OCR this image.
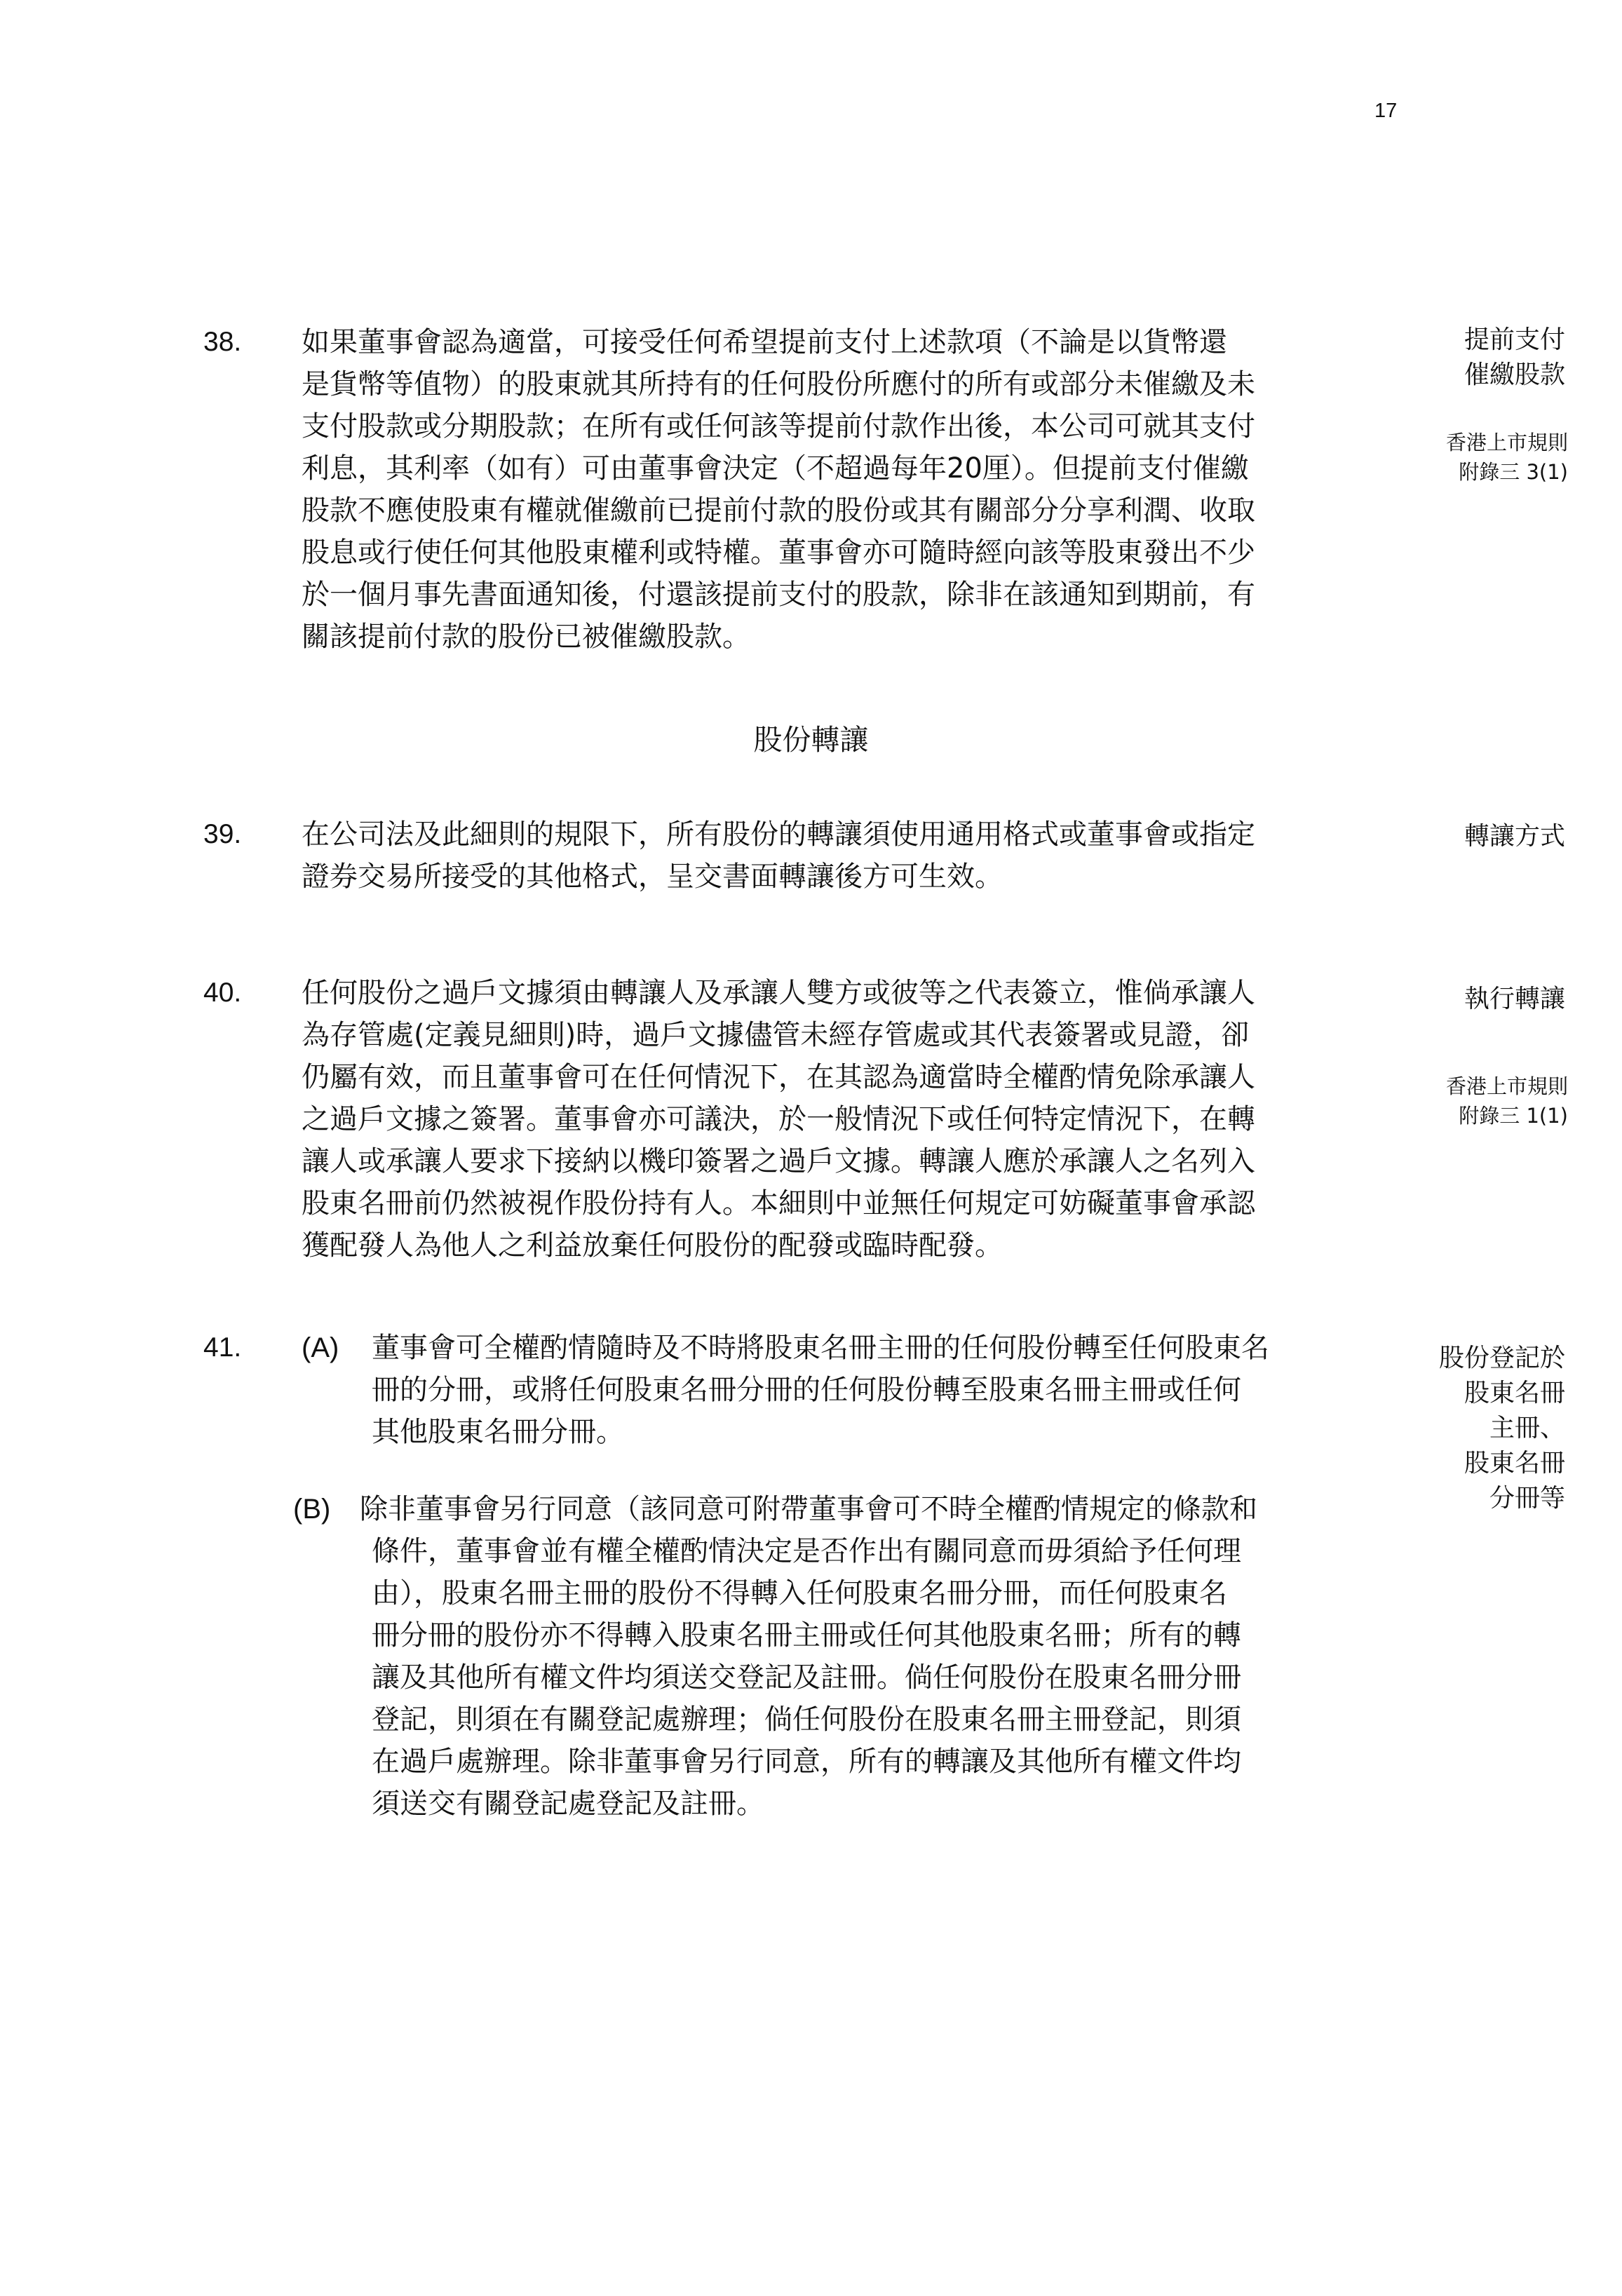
17
38. 如果董事會認為適當，可接受任何希望提前支付上述款項（不論是以貨幣還
是貨幣等值物）的股東就其所持有的任何股份所應付的所有或部分未催繳及未
支付股款或分期股款；在所有或任何該等提前付款作出後，本公司可就其支付
利息，其利率（如有）可由董事會決定（不超過每年20厘）。但提前支付催繳
股款不應使股東有權就催繳前已提前付款的股份或其有關部分分享利潤、收取
股息或行使任何其他股東權利或特權。董事會亦可隨時經向該等股東發出不少
於一個月事先書面通知後，付還該提前支付的股款，除非在該通知到期前，有
關該提前付款的股份已被催繳股款。
提前支付
催繳股款
香港上市規則
附錄三 3(1)
股份轉讓
39. 在公司法及此細則的規限下，所有股份的轉讓須使用通用格式或董事會或指定
證券交易所接受的其他格式，呈交書面轉讓後方可生效。
轉讓方式
40. 任何股份之過戶文據須由轉讓人及承讓人雙方或彼等之代表簽立，惟倘承讓人
為存管處(定義見細則)時，過戶文據儘管未經存管處或其代表簽署或見證，卻
仍屬有效，而且董事會可在任何情況下，在其認為適當時全權酌情免除承讓人
之過戶文據之簽署。董事會亦可議決，於一般情況下或任何特定情況下，在轉
讓人或承讓人要求下接納以機印簽署之過戶文據。轉讓人應於承讓人之名列入
股東名冊前仍然被視作股份持有人。本細則中並無任何規定可妨礙董事會承認
獲配發人為他人之利益放棄任何股份的配發或臨時配發。
執行轉讓
香港上市規則
附錄三 1(1)
41. (A) 董事會可全權酌情隨時及不時將股東名冊主冊的任何股份轉至任何股東名
冊的分冊，或將任何股東名冊分冊的任何股份轉至股東名冊主冊或任何
其他股東名冊分冊。
(B) 除非董事會另行同意（該同意可附帶董事會可不時全權酌情規定的條款和
條件，董事會並有權全權酌情決定是否作出有關同意而毋須給予任何理
由），股東名冊主冊的股份不得轉入任何股東名冊分冊，而任何股東名
冊分冊的股份亦不得轉入股東名冊主冊或任何其他股東名冊；所有的轉
讓及其他所有權文件均須送交登記及註冊。倘任何股份在股東名冊分冊
登記，則須在有關登記處辦理；倘任何股份在股東名冊主冊登記，則須
在過戶處辦理。除非董事會另行同意，所有的轉讓及其他所有權文件均
須送交有關登記處登記及註冊。
股份登記於
股東名冊
主冊、
股東名冊
分冊等
